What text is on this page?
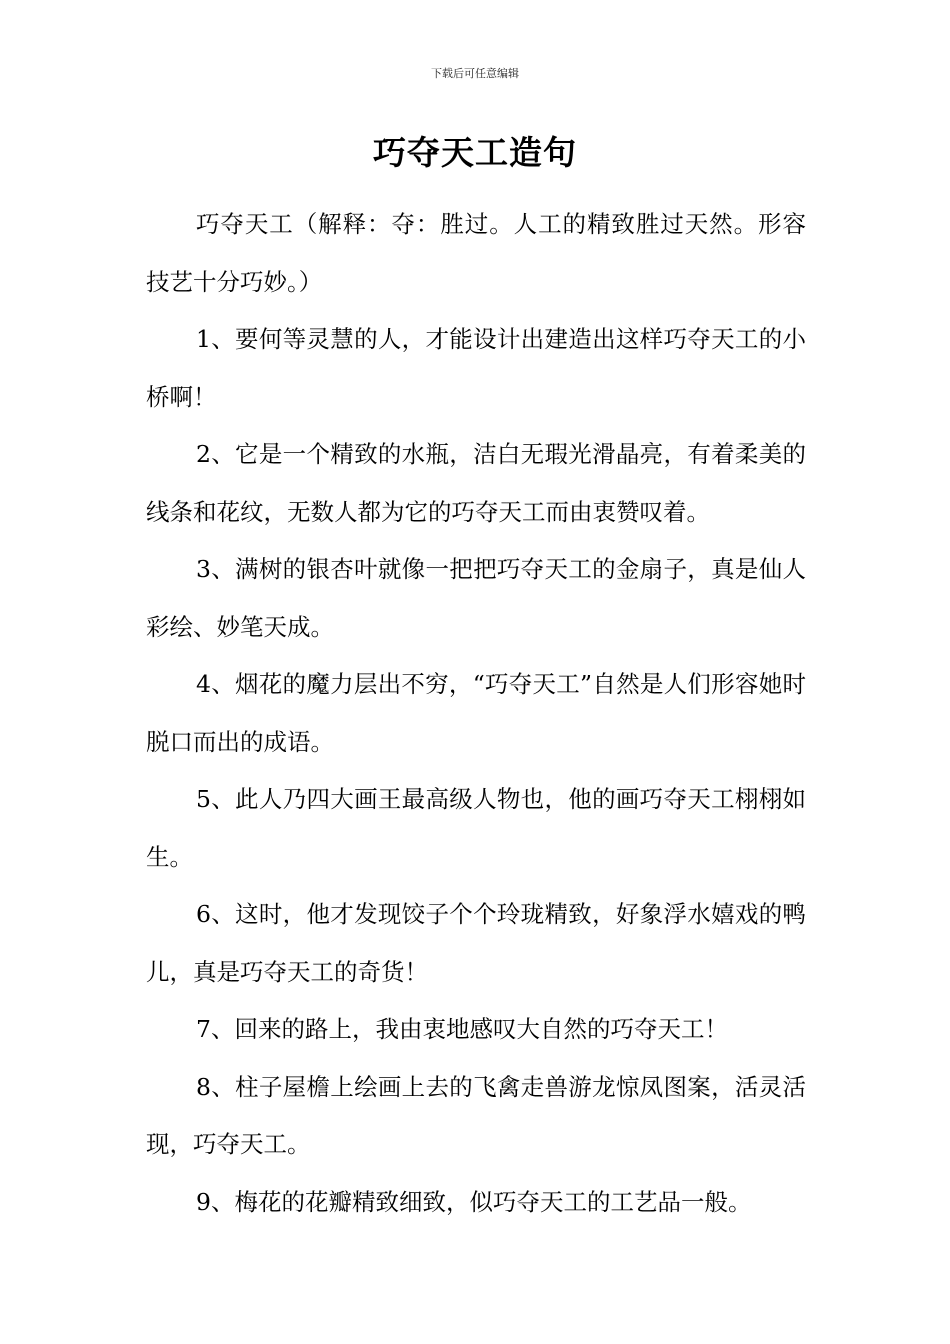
下载后可任意编辑
巧夺天工造句

巧夺天工（解释：夺：胜过。人工的精致胜过天然。形容技艺十分巧妙。）

1、要何等灵慧的人，才能设计出建造出这样巧夺天工的小桥啊！

2、它是一个精致的水瓶，洁白无瑕光滑晶亮，有着柔美的线条和花纹，无数人都为它的巧夺天工而由衷赞叹着。

3、满树的银杏叶就像一把把巧夺天工的金扇子，真是仙人彩绘、妙笔天成。

4、烟花的魔力层出不穷，“巧夺天工”自然是人们形容她时脱口而出的成语。

5、此人乃四大画王最高级人物也，他的画巧夺天工栩栩如生。

6、这时，他才发现饺子个个玲珑精致，好象浮水嬉戏的鸭儿，真是巧夺天工的奇货！

7、回来的路上，我由衷地感叹大自然的巧夺天工！

8、柱子屋檐上绘画上去的飞禽走兽游龙惊凤图案，活灵活现，巧夺天工。

9、梅花的花瓣精致细致，似巧夺天工的工艺品一般。
